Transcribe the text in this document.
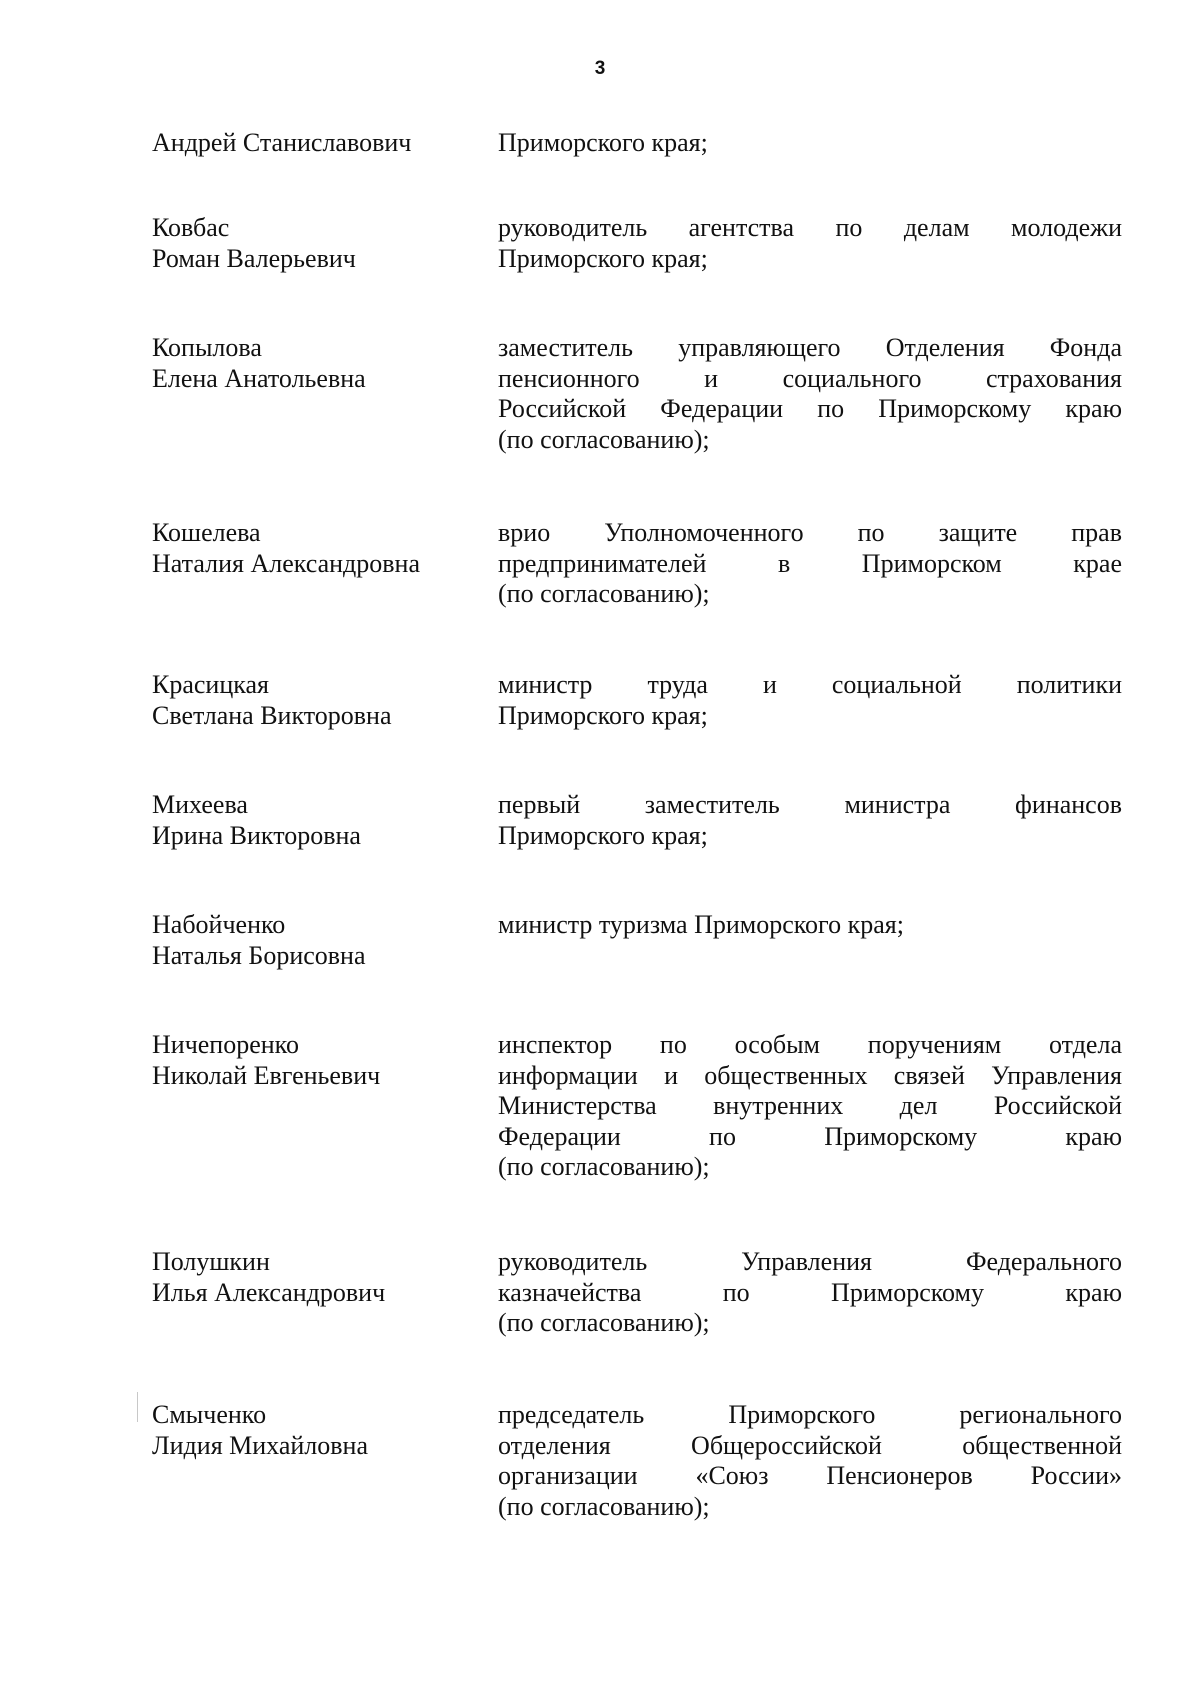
3
Андрей Станиславович	Приморского края;
Ковбас
Роман Валерьевич
руководитель агентства по делам молодежи
Приморского края;
Копылова
Елена Анатольевна
заместитель управляющего Отделения Фонда
пенсионного и социального страхования
Российской Федерации по Приморскому краю
(по согласованию);
Кошелева
Наталия Александровна
врио Уполномоченного по защите прав
предпринимателей в Приморском крае
(по согласованию);
Красицкая
Светлана Викторовна
министр труда и социальной политики
Приморского края;
Михеева
Ирина Викторовна
первый заместитель министра финансов
Приморского края;
Набойченко
Наталья Борисовна
министр туризма Приморского края;
Ничепоренко
Николай Евгеньевич
инспектор по особым поручениям отдела
информации и общественных связей Управления
Министерства внутренних дел Российской
Федерации по Приморскому краю
(по согласованию);
Полушкин
Илья Александрович
руководитель Управления Федерального
казначейства по Приморскому краю
(по согласованию);
Смыченко
Лидия Михайловна
председатель Приморского регионального
отделения Общероссийской общественной
организации «Союз Пенсионеров России»
(по согласованию);
